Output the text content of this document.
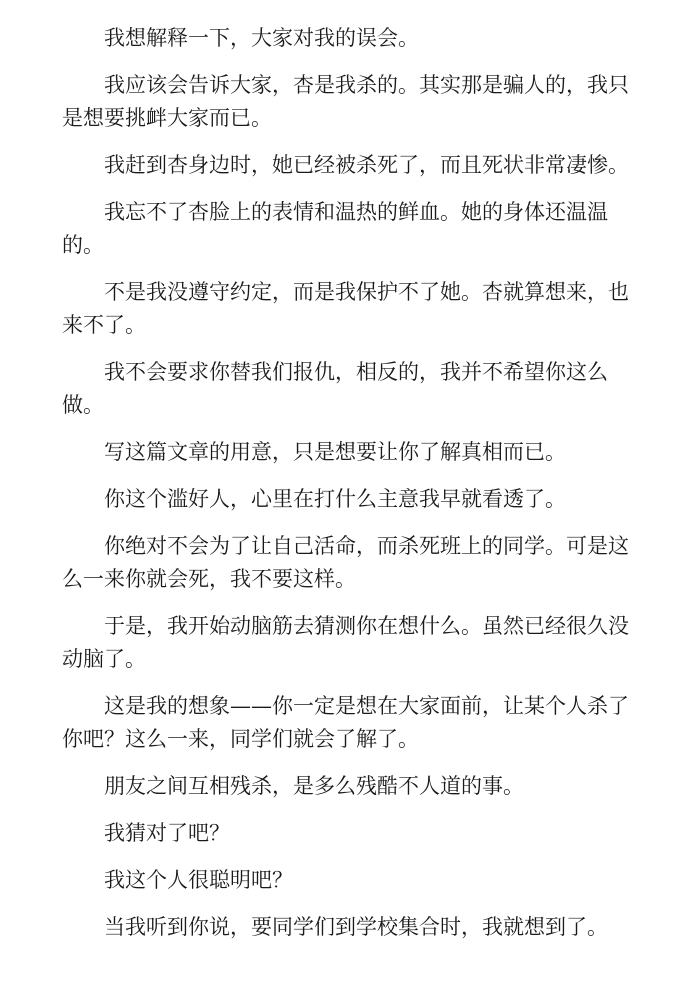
我想解释一下，大家对我的误会。

我应该会告诉大家，杏是我杀的。其实那是骗人的，我只是想要挑衅大家而已。

我赶到杏身边时，她已经被杀死了，而且死状非常凄惨。

我忘不了杏脸上的表情和温热的鲜血。她的身体还温温的。

不是我没遵守约定，而是我保护不了她。杏就算想来，也来不了。

我不会要求你替我们报仇，相反的，我并不希望你这么做。

写这篇文章的用意，只是想要让你了解真相而已。

你这个滥好人，心里在打什么主意我早就看透了。

你绝对不会为了让自己活命，而杀死班上的同学。可是这么一来你就会死，我不要这样。

于是，我开始动脑筋去猜测你在想什么。虽然已经很久没动脑了。

这是我的想象——你一定是想在大家面前，让某个人杀了你吧？这么一来，同学们就会了解了。

朋友之间互相残杀，是多么残酷不人道的事。

我猜对了吧？

我这个人很聪明吧？

当我听到你说，要同学们到学校集合时，我就想到了。
